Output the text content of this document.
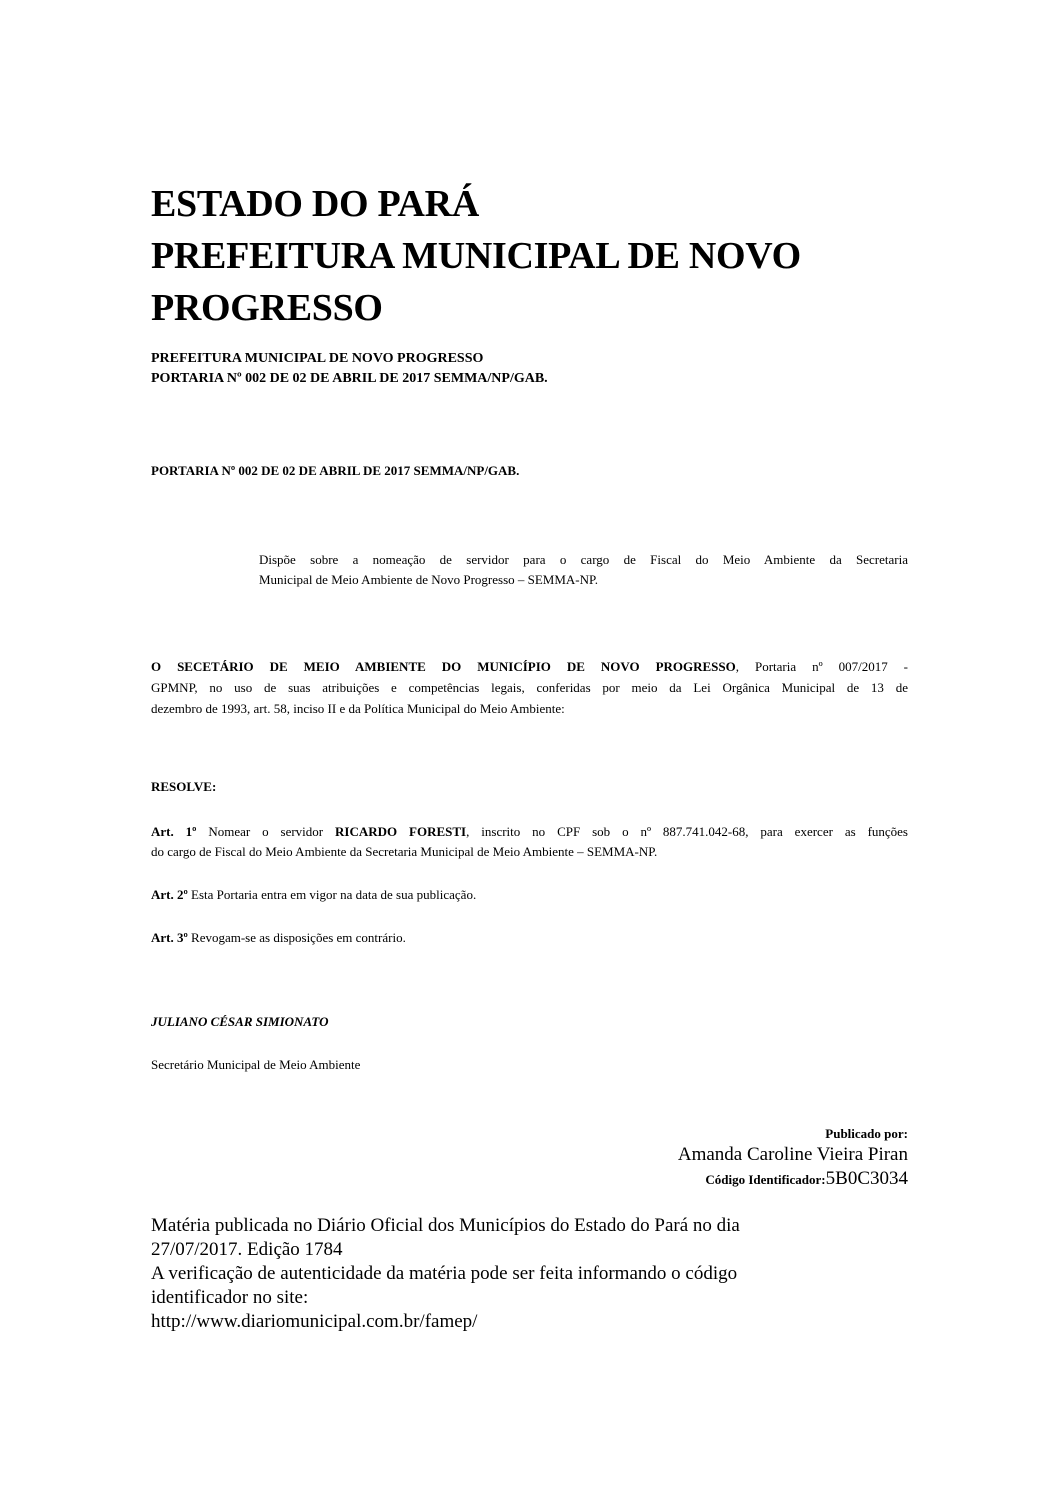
ESTADO DO PARÁ
PREFEITURA MUNICIPAL DE NOVO
PROGRESSO
PREFEITURA MUNICIPAL DE NOVO PROGRESSO
PORTARIA Nº 002 DE 02 DE ABRIL DE 2017 SEMMA/NP/GAB.
PORTARIA Nº 002 DE 02 DE ABRIL DE 2017 SEMMA/NP/GAB.
Dispõe sobre a nomeação de servidor para o cargo de Fiscal do Meio Ambiente da Secretaria
Municipal de Meio Ambiente de Novo Progresso – SEMMA-NP.
O SECETÁRIO DE MEIO AMBIENTE DO MUNICÍPIO DE NOVO PROGRESSO, Portaria nº 007/2017 -
GPMNP, no uso de suas atribuições e competências legais, conferidas por meio da Lei Orgânica Municipal de 13 de
dezembro de 1993, art. 58, inciso II e da Política Municipal do Meio Ambiente:
RESOLVE:
Art. 1º Nomear o servidor RICARDO FORESTI, inscrito no CPF sob o nº 887.741.042-68, para exercer as funções
do cargo de Fiscal do Meio Ambiente da Secretaria Municipal de Meio Ambiente – SEMMA-NP.
Art. 2º Esta Portaria entra em vigor na data de sua publicação.
Art. 3º Revogam-se as disposições em contrário.
JULIANO CÉSAR SIMIONATO
Secretário Municipal de Meio Ambiente
Publicado por:
Amanda Caroline Vieira Piran
Código Identificador:5B0C3034
Matéria publicada no Diário Oficial dos Municípios do Estado do Pará no dia
27/07/2017. Edição 1784
A verificação de autenticidade da matéria pode ser feita informando o código
identificador no site:
http://www.diariomunicipal.com.br/famep/
